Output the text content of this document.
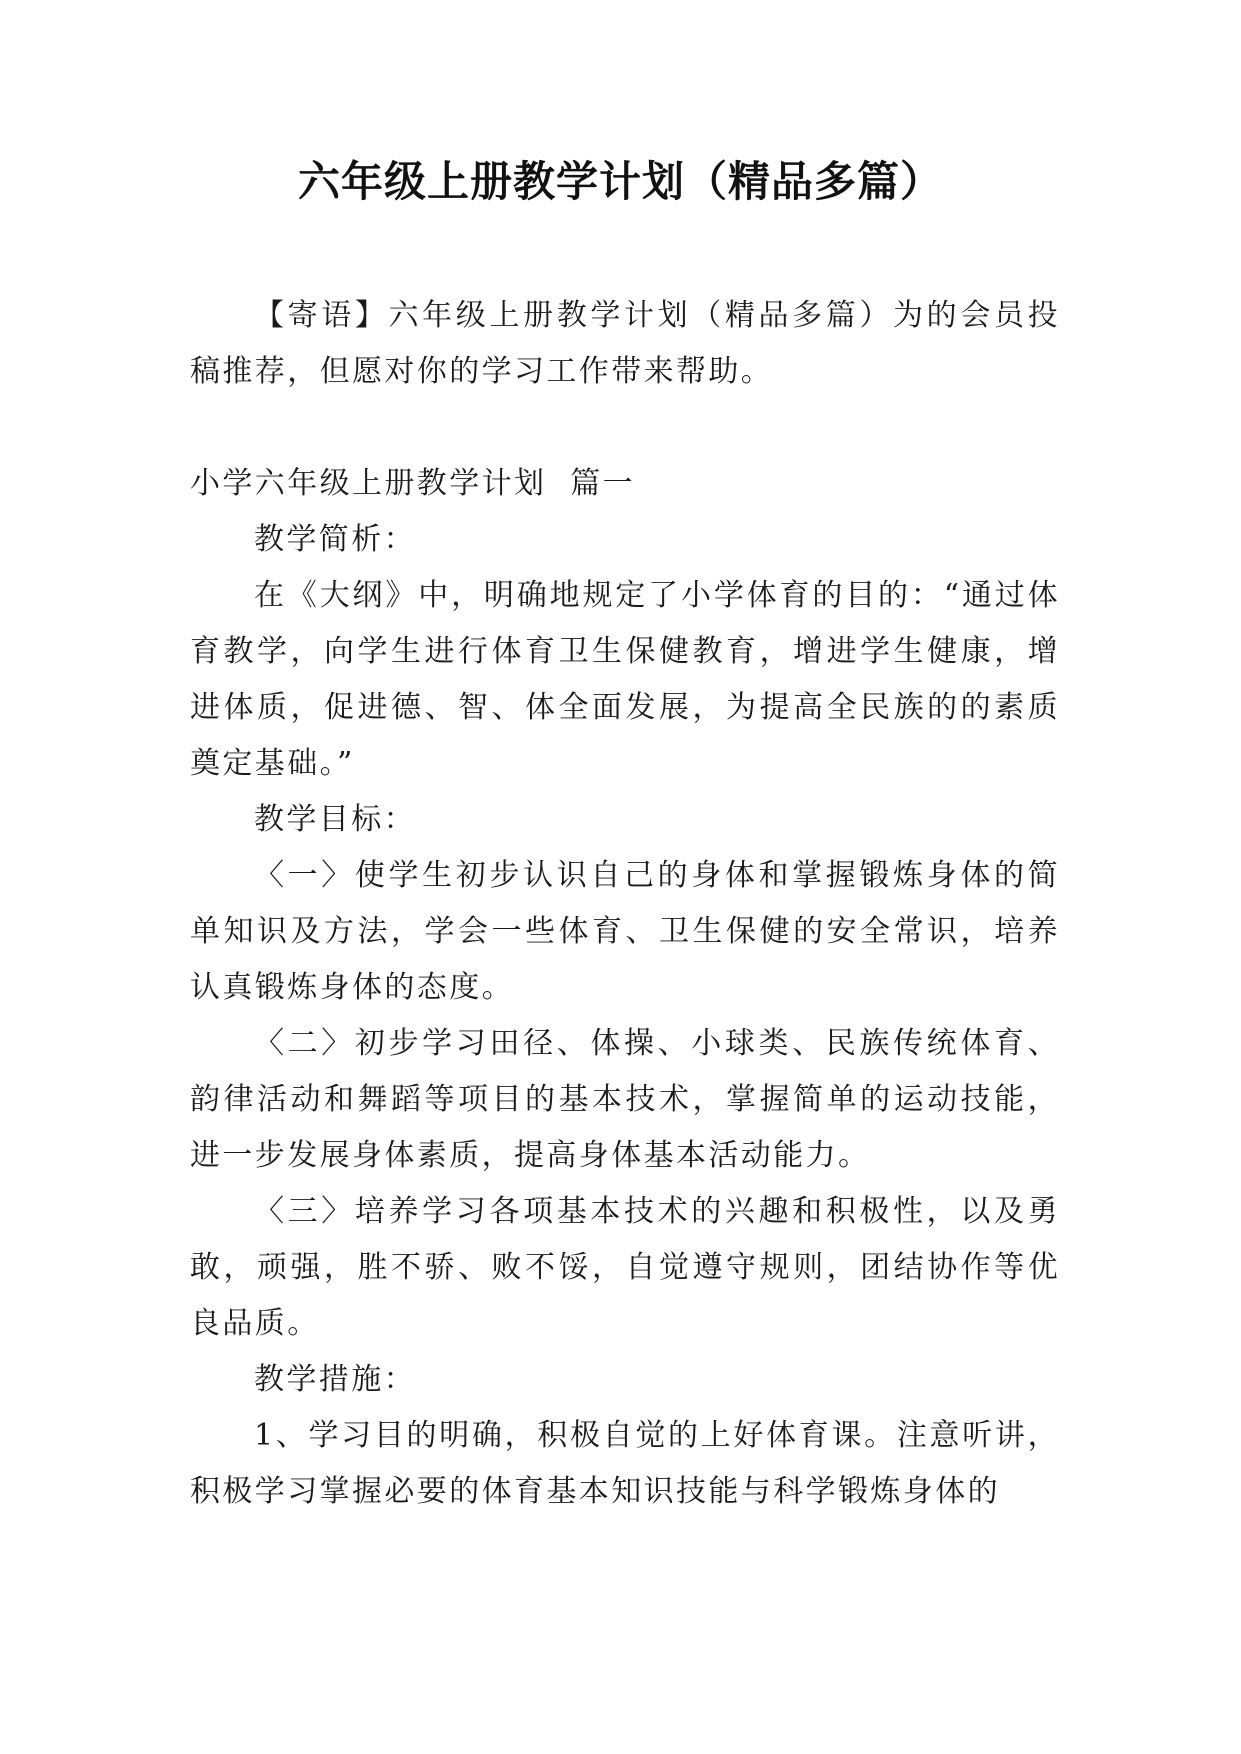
六年级上册教学计划（精品多篇）

【寄语】六年级上册教学计划（精品多篇）为的会员投稿推荐，但愿对你的学习工作带来帮助。

小学六年级上册教学计划  篇一

教学简析：

在《大纲》中，明确地规定了小学体育的目的：“通过体育教学，向学生进行体育卫生保健教育，增进学生健康，增进体质，促进德、智、体全面发展，为提高全民族的的素质奠定基础。”

教学目标：

〈一〉使学生初步认识自己的身体和掌握锻炼身体的简单知识及方法，学会一些体育、卫生保健的安全常识，培养认真锻炼身体的态度。

〈二〉初步学习田径、体操、小球类、民族传统体育、韵律活动和舞蹈等项目的基本技术，掌握简单的运动技能，进一步发展身体素质，提高身体基本活动能力。

〈三〉培养学习各项基本技术的兴趣和积极性，以及勇敢，顽强，胜不骄、败不馁，自觉遵守规则，团结协作等优良品质。

教学措施：

1、学习目的明确，积极自觉的上好体育课。注意听讲，积极学习掌握必要的体育基本知识技能与科学锻炼身体的
